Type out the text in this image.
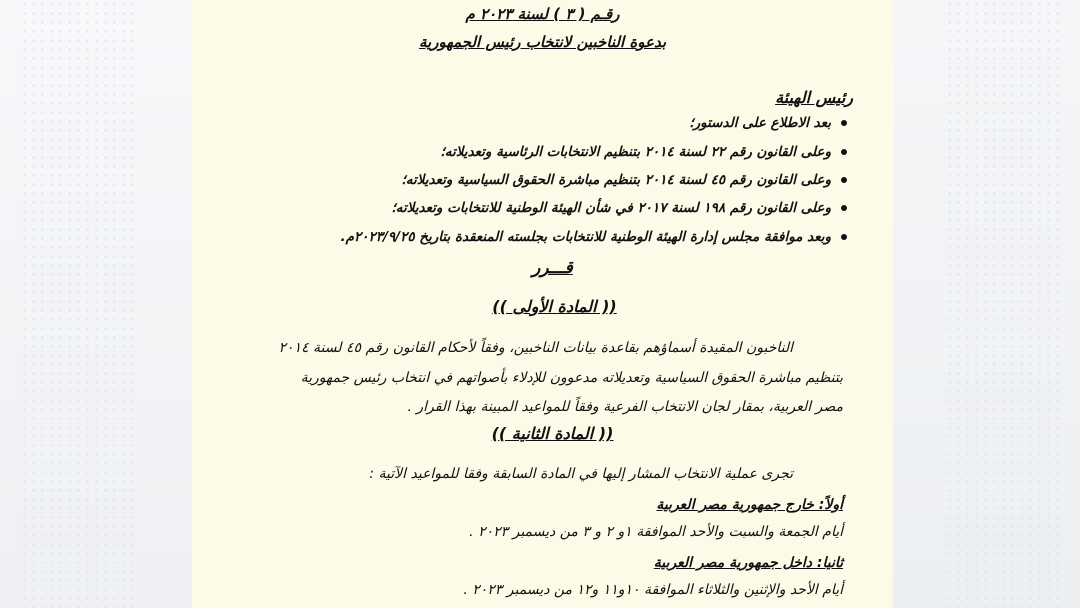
رقـم ( ٣ ) لسنة ٢٠٢٣ م
بدعوة الناخبين لانتخاب رئيس الجمهورية
رئيس الهيئة
بعد الاطلاع على الدستور؛
وعلى القانون رقم ٢٢ لسنة ٢٠١٤ بتنظيم الانتخابات الرئاسية وتعديلاته؛
وعلى القانون رقم ٤٥ لسنة ٢٠١٤ بتنظيم مباشرة الحقوق السياسية وتعديلاته؛
وعلى القانون رقم ١٩٨ لسنة ٢٠١٧ في شأن الهيئة الوطنية للانتخابات وتعديلاته؛
وبعد موافقة مجلس إدارة الهيئة الوطنية للانتخابات بجلسته المنعقدة بتاريخ ٢٠٢٣/٩/٢٥م.
قـــرر
(( المادة الأولى ))
الناخبون المقيدة أسماؤهم بقاعدة بيانات الناخبين، وفقاً لأحكام القانون رقم ٤٥ لسنة ٢٠١٤
بتنظيم مباشرة الحقوق السياسية وتعديلاته مدعوون للإدلاء بأصواتهم في انتخاب رئيس جمهورية
مصر العربية، بمقار لجان الانتخاب الفرعية وفقاً للمواعيد المبينة بهذا القرار .
(( المادة الثانية ))
تجرى عملية الانتخاب المشار إليها في المادة السابقة وفقا للمواعيد الآتية :
أولاً: خارج جمهورية مصر العربية
أيام الجمعة والسبت والأحد الموافقة ١و ٢ و ٣ من ديسمبر ٢٠٢٣ .
ثانيا: داخل جمهورية مصر العربية
أيام الأحد والإثنين والثلاثاء الموافقة ١٠و١١ و١٢ من ديسمبر ٢٠٢٣ .
